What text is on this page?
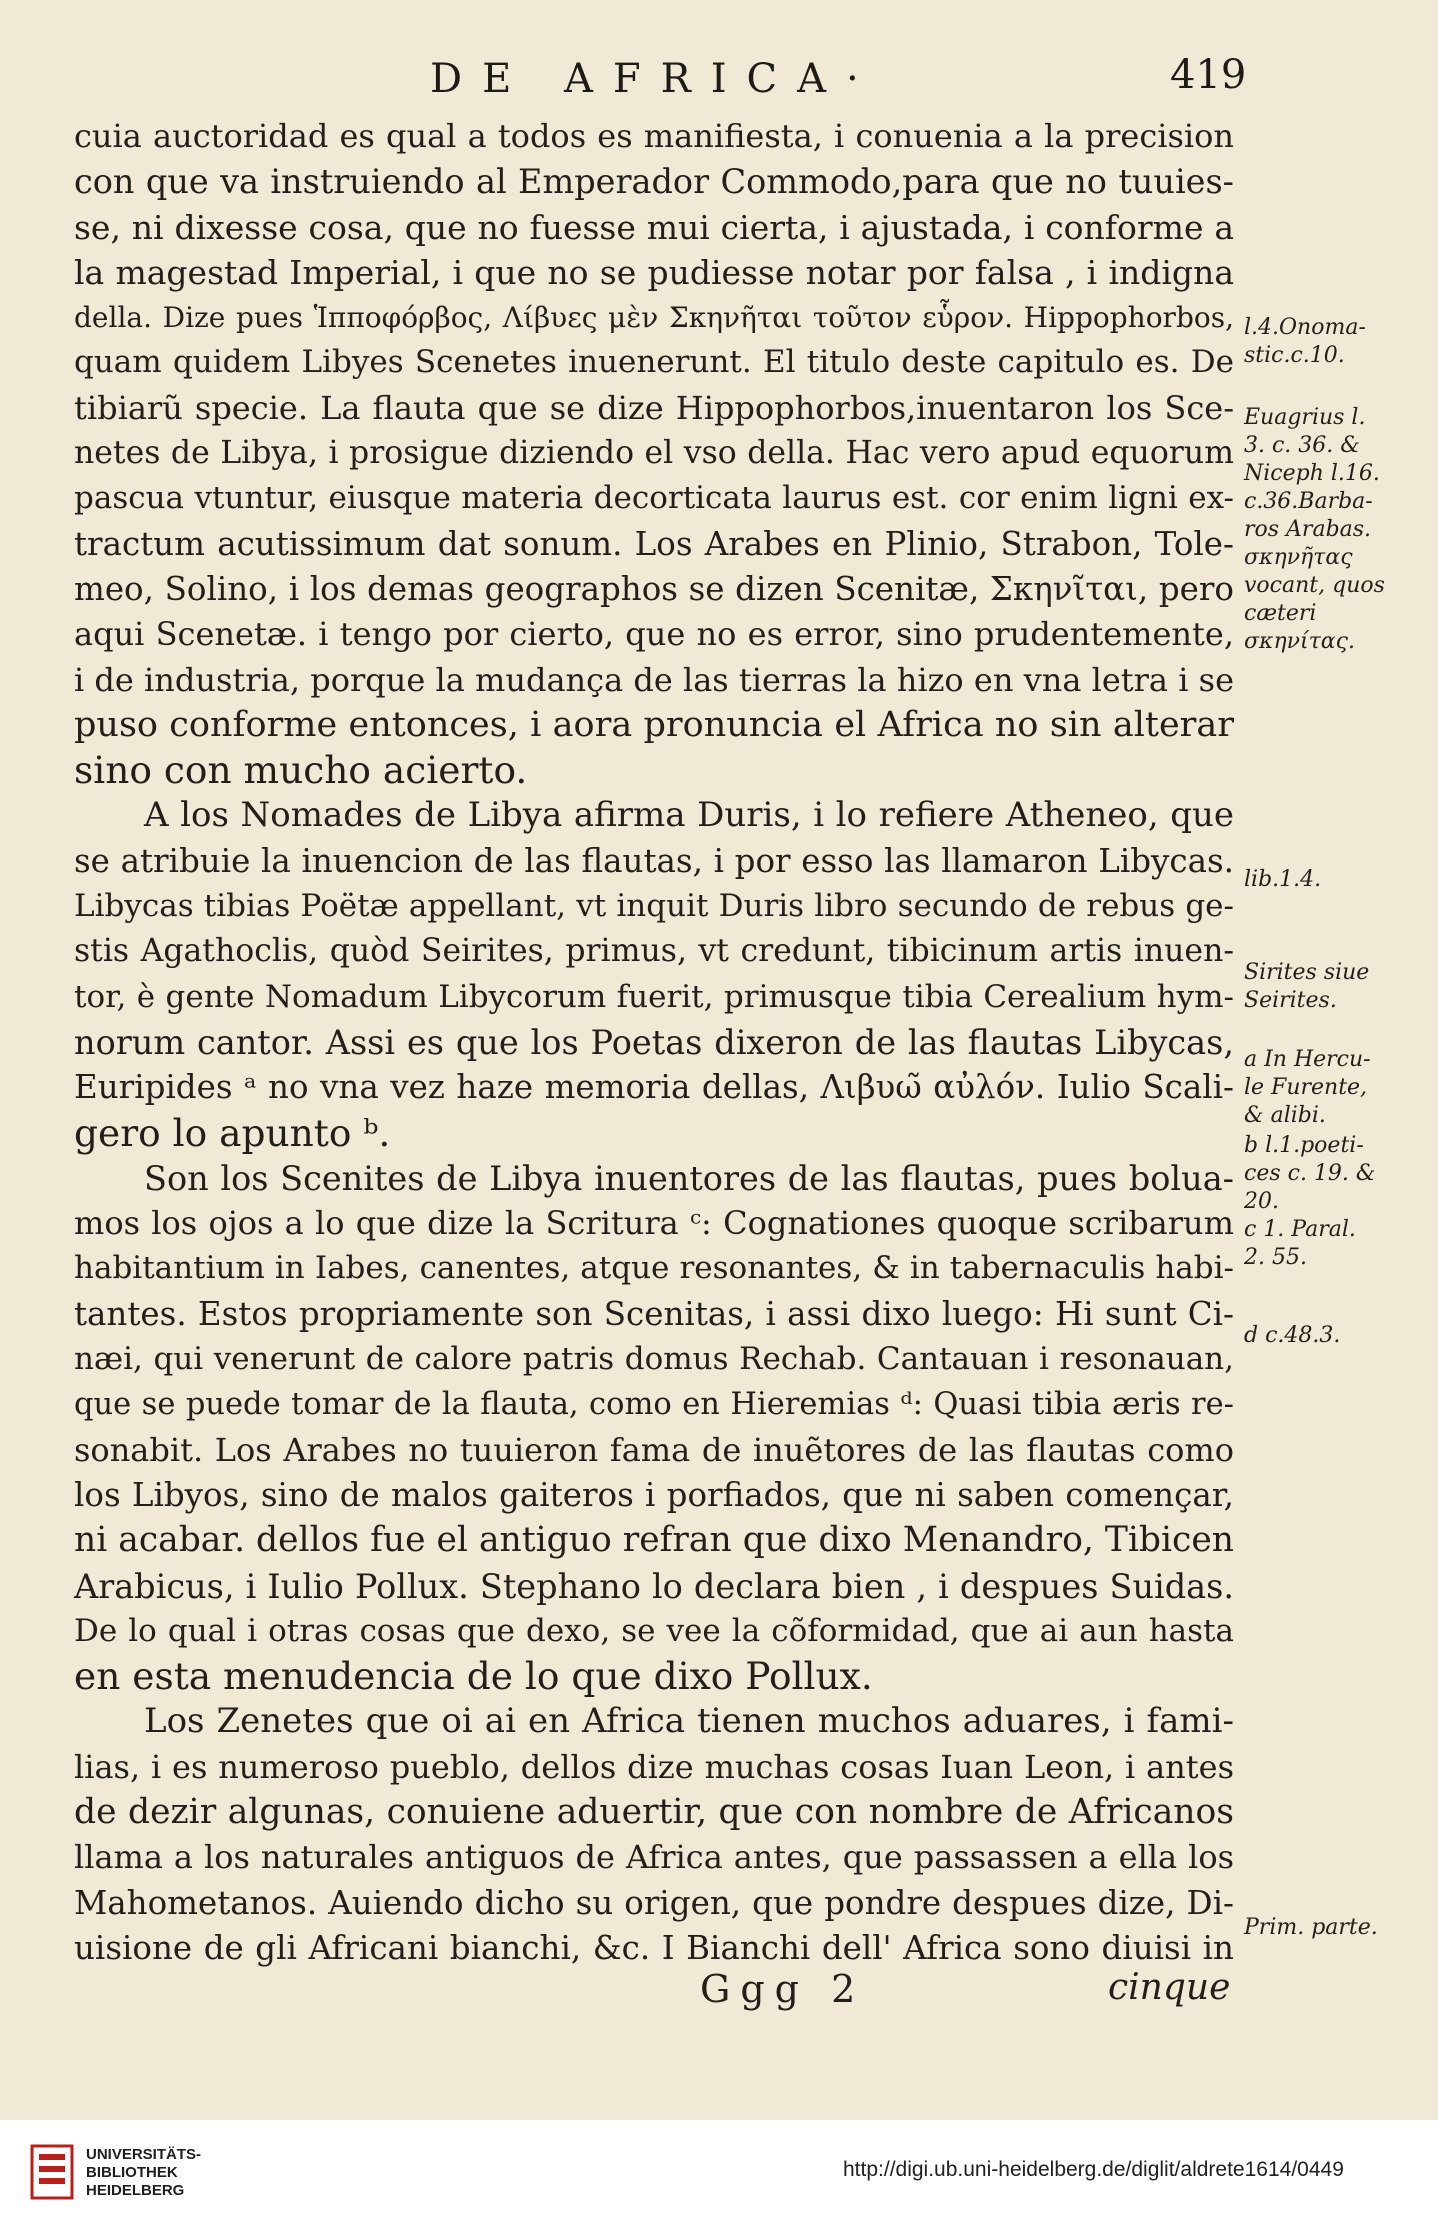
DE AFRICA·	419
cuia auctoridad es qual a todos es manifiesta, i conuenia a la precision
con que va instruiendo al Emperador Commodo,para que no tuuies-
se, ni dixesse cosa, que no fuesse mui cierta, i ajustada, i conforme a
la magestad Imperial, i que no se pudiesse notar por falsa , i indigna
della. Dize pues Ἱπποφόρβος, Λίβυες μὲν Σκηνῆται τοῦτον εὗρον. Hippophorbos,
quam quidem Libyes Scenetes inuenerunt. El titulo deste capitulo es. De
tibiarũ specie. La flauta que se dize Hippophorbos,inuentaron los Sce-
netes de Libya, i prosigue diziendo el vso della. Hac vero apud equorum
pascua vtuntur, eiusque materia decorticata laurus est. cor enim ligni ex-
tractum acutissimum dat sonum. Los Arabes en Plinio, Strabon, Tole-
meo, Solino, i los demas geographos se dizen Scenitæ, Σκηνῖται, pero
aqui Scenetæ. i tengo por cierto, que no es error, sino prudentemente,
i de industria, porque la mudança de las tierras la hizo en vna letra i se
puso conforme entonces, i aora pronuncia el Africa no sin alterar
sino con mucho acierto.
A los Nomades de Libya afirma Duris, i lo refiere Atheneo, que
se atribuie la inuencion de las flautas, i por esso las llamaron Libycas.
Libycas tibias Poëtæ appellant, vt inquit Duris libro secundo de rebus ge-
stis Agathoclis, quòd Seirites, primus, vt credunt, tibicinum artis inuen-
tor, è gente Nomadum Libycorum fuerit, primusque tibia Cerealium hym-
norum cantor. Assi es que los Poetas dixeron de las flautas Libycas,
Euripides ᵃ no vna vez haze memoria dellas, Λιβυω̃ αὐλόν. Iulio Scali-
gero lo apunto ᵇ.
Son los Scenites de Libya inuentores de las flautas, pues bolua-
mos los ojos a lo que dize la Scritura ᶜ: Cognationes quoque scribarum
habitantium in Iabes, canentes, atque resonantes, & in tabernaculis habi-
tantes. Estos propriamente son Scenitas, i assi dixo luego: Hi sunt Ci-
næi, qui venerunt de calore patris domus Rechab. Cantauan i resonauan,
que se puede tomar de la flauta, como en Hieremias ᵈ: Quasi tibia æris re-
sonabit. Los Arabes no tuuieron fama de inuẽtores de las flautas como
los Libyos, sino de malos gaiteros i porfiados, que ni saben començar,
ni acabar. dellos fue el antiguo refran que dixo Menandro, Tibicen
Arabicus, i Iulio Pollux. Stephano lo declara bien , i despues Suidas.
De lo qual i otras cosas que dexo, se vee la cõformidad, que ai aun hasta
en esta menudencia de lo que dixo Pollux.
Los Zenetes que oi ai en Africa tienen muchos aduares, i fami-
lias, i es numeroso pueblo, dellos dize muchas cosas Iuan Leon, i antes
de dezir algunas, conuiene aduertir, que con nombre de Africanos
llama a los naturales antiguos de Africa antes, que passassen a ella los
Mahometanos. Auiendo dicho su origen, que pondre despues dize, Di-
uisione de gli Africani bianchi, &c. I Bianchi dell' Africa sono diuisi in
l.4.Onoma-
stic.c.10.
Euagrius l.
3. c. 36. &
Niceph l.16.
c.36.Barba-
ros Arabas.
σκηνῆτας
vocant, quos
cæteri
σκηνίτας.
lib.1.4.
Sirites siue
Seirites.
a In Hercu-
le Furente,
& alibi.
b l.1.poeti-
ces c. 19. &
20.
c 1. Paral.
2. 55.
d c.48.3.
Prim. parte.
Ggg 2	cinque
UNIVERSITÄTS-
BIBLIOTHEK
HEIDELBERG
http://digi.ub.uni-heidelberg.de/diglit/aldrete1614/0449
